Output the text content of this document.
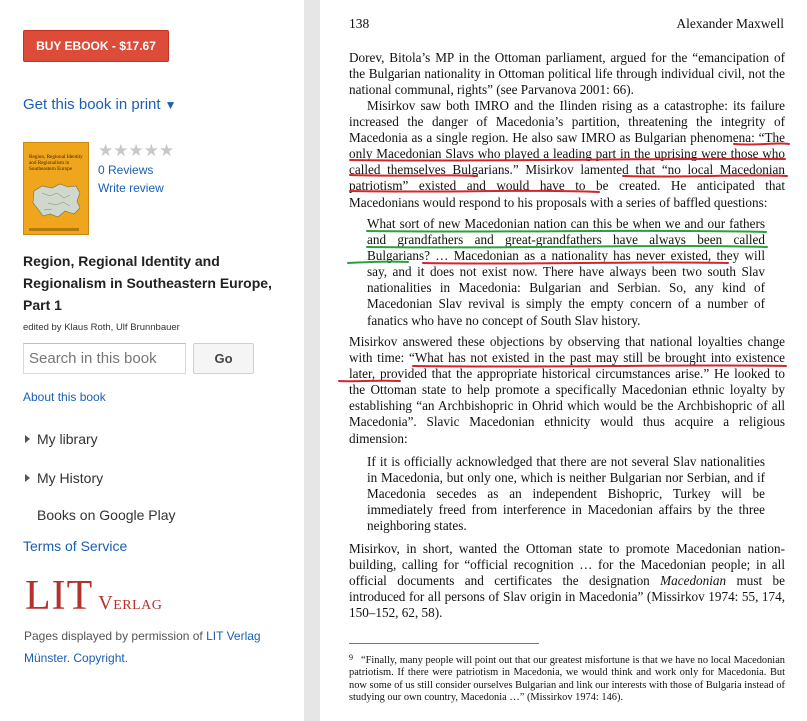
BUY EBOOK - $17.67
Get this book in print ▼
Region, Regional Identity and Regionalism in Southeastern Europe
★★★★★
0 Reviews
Write review
Region, Regional Identity and Regionalism in Southeastern Europe, Part 1
edited by Klaus Roth, Ulf Brunnbauer
Search in this book
Go
About this book
My library
My History
Books on Google Play
Terms of Service
LIT Verlag
Pages displayed by permission of LIT Verlag Münster. Copyright.
138	Alexander Maxwell
Dorev, Bitola’s MP in the Ottoman parliament, argued for the “emancipation of the Bulgarian nationality in Ottoman political life through individual civil, not the national communal, rights” (see Parvanova 2001: 66).
Misirkov saw both IMRO and the Ilinden rising as a catastrophe: its failure increased the danger of Macedonia’s partition, threatening the integrity of Macedonia as a single region. He also saw IMRO as Bulgarian phenomena: “The only Macedonian Slavs who played a leading part in the uprising were those who called themselves Bulgarians.” Misirkov lamented that “no local Macedonian patriotism” existed and would have to be created. He anticipated that Macedonians would respond to his proposals with a series of baffled questions:
What sort of new Macedonian nation can this be when we and our fathers and grandfathers and great-grandfathers have always been called Bulgarians? … Macedonian as a nationality has never existed, they will say, and it does not exist now. There have always been two south Slav nationalities in Macedonia: Bulgarian and Serbian. So, any kind of Macedonian Slav revival is simply the empty concern of a number of fanatics who have no concept of South Slav history.
Misirkov answered these objections by observing that national loyalties change with time: “What has not existed in the past may still be brought into existence later, provided that the appropriate historical circumstances arise.” He looked to the Ottoman state to help promote a specifically Macedonian ethnic loyalty by establishing “an Archbishopric in Ohrid which would be the Archbishopric of all Macedonia”. Slavic Macedonian ethnicity would thus acquire a religious dimension:
If it is officially acknowledged that there are not several Slav nationalities in Macedonia, but only one, which is neither Bulgarian nor Serbian, and if Macedonia secedes as an independent Bishopric, Turkey will be immediately freed from interference in Macedonian affairs by the three neighboring states.
Misirkov, in short, wanted the Ottoman state to promote Macedonian nation-building, calling for “official recognition … for the Macedonian people; in all official documents and certificates the designation Macedonian must be introduced for all persons of Slav origin in Macedonia” (Missirkov 1974: 55, 174, 150–152, 62, 58).
$^9$ “Finally, many people will point out that our greatest misfortune is that we have no local Macedonian patriotism. If there were patriotism in Macedonia, we would think and work only for Macedonia. But now some of us still consider ourselves Bulgarian and link our interests with those of Bulgaria instead of studying our own country, Macedonia …” (Missirkov 1974: 146).
